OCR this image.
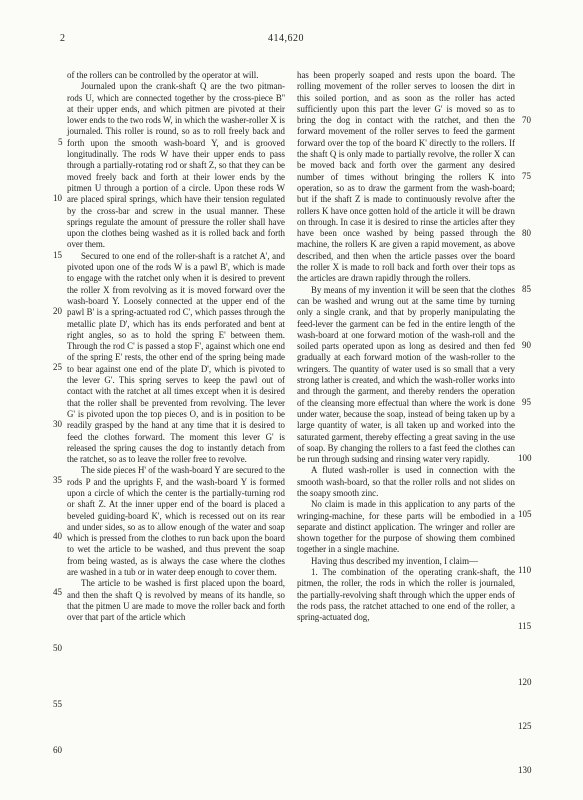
2	414,620

of the rollers can be controlled by the operator at will.

Journaled upon the crank-shaft Q are the two pitman-rods U, which are connected together by the cross-piece B'' at their upper ends, and which pitmen are pivoted at their lower ends to the two rods W, in which the washer-roller X is journaled. This roller is round, so as to roll freely back and forth upon the smooth wash-board Y, and is grooved longitudinally. The rods W have their upper ends to pass through a partially-rotating rod or shaft Z, so that they can be moved freely back and forth at their lower ends by the pitmen U through a portion of a circle. Upon these rods W are placed spiral springs, which have their tension regulated by the cross-bar and screw in the usual manner. These springs regulate the amount of pressure the roller shall have upon the clothes being washed as it is rolled back and forth over them.

Secured to one end of the roller-shaft is a ratchet A', and pivoted upon one of the rods W is a pawl B', which is made to engage with the ratchet only when it is desired to prevent the roller X from revolving as it is moved forward over the wash-board Y. Loosely connected at the upper end of the pawl B' is a spring-actuated rod C', which passes through the metallic plate D', which has its ends perforated and bent at right angles, so as to hold the spring E' between them. Through the rod C' is passed a stop F', against which one end of the spring E' rests, the other end of the spring being made to bear against one end of the plate D', which is pivoted to the lever G'. This spring serves to keep the pawl out of contact with the ratchet at all times except when it is desired that the roller shall be prevented from revolving. The lever G' is pivoted upon the top pieces O, and is in position to be readily grasped by the hand at any time that it is desired to feed the clothes forward. The moment this lever G' is released the spring causes the dog to instantly detach from the ratchet, so as to leave the roller free to revolve.

The side pieces H' of the wash-board Y are secured to the rods P and the uprights F, and the wash-board Y is formed upon a circle of which the center is the partially-turning rod or shaft Z. At the inner upper end of the board is placed a beveled guiding-board K', which is recessed out on its rear and under sides, so as to allow enough of the water and soap which is pressed from the clothes to run back upon the board to wet the article to be washed, and thus prevent the soap from being wasted, as is always the case where the clothes are washed in a tub or in water deep enough to cover them.

The article to be washed is first placed upon the board, and then the shaft Q is revolved by means of its handle, so that the pitmen U are made to move the roller back and forth over that part of the article which

has been properly soaped and rests upon the board. The rolling movement of the roller serves to loosen the dirt in this soiled portion, and as soon as the roller has acted sufficiently upon this part the lever G' is moved so as to bring the dog in contact with the ratchet, and then the forward movement of the roller serves to feed the garment forward over the top of the board K' directly to the rollers. If the shaft Q is only made to partially revolve, the roller X can be moved back and forth over the garment any desired number of times without bringing the rollers K into operation, so as to draw the garment from the wash-board; but if the shaft Z is made to continuously revolve after the rollers K have once gotten hold of the article it will be drawn on through. In case it is desired to rinse the articles after they have been once washed by being passed through the machine, the rollers K are given a rapid movement, as above described, and then when the article passes over the board the roller X is made to roll back and forth over their tops as the articles are drawn rapidly through the rollers.

By means of my invention it will be seen that the clothes can be washed and wrung out at the same time by turning only a single crank, and that by properly manipulating the feed-lever the garment can be fed in the entire length of the wash-board at one forward motion of the wash-roll and the soiled parts operated upon as long as desired and then fed gradually at each forward motion of the wash-roller to the wringers. The quantity of water used is so small that a very strong lather is created, and which the wash-roller works into and through the garment, and thereby renders the operation of the cleansing more effectual than where the work is done under water, because the soap, instead of being taken up by a large quantity of water, is all taken up and worked into the saturated garment, thereby effecting a great saving in the use of soap. By changing the rollers to a fast feed the clothes can be run through sudsing and rinsing water very rapidly.

A fluted wash-roller is used in connection with the smooth wash-board, so that the roller rolls and not slides on the soapy smooth zinc.

No claim is made in this application to any parts of the wringing-machine, for these parts will be embodied in a separate and distinct application. The wringer and roller are shown together for the purpose of showing them combined together in a single machine.

Having thus described my invention, I claim—

1. The combination of the operating crank-shaft, the pitmen, the roller, the rods in which the roller is journaled, the partially-revolving shaft through which the upper ends of the rods pass, the ratchet attached to one end of the roller, a spring-actuated dog,

5
10
15
20
25
30
35
40
45
50
55
60
70
75
80
85
90
95
100
105
110
115
120
125
130
